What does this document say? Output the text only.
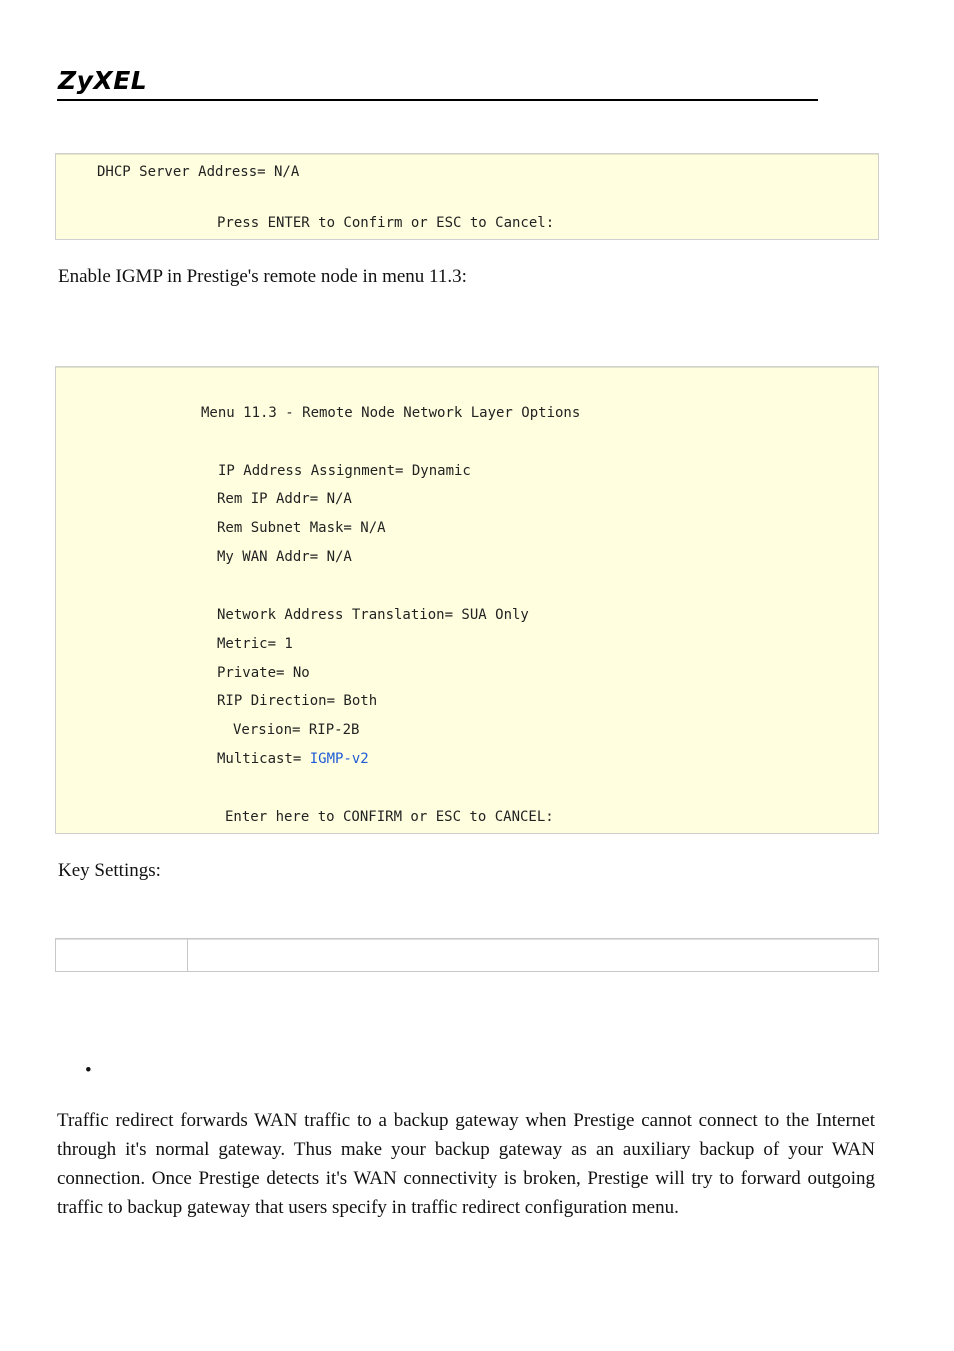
ZyXEL
DHCP Server Address= N/A
Press ENTER to Confirm or ESC to Cancel:
Enable IGMP in Prestige's remote node in menu 11.3:
Menu 11.3 - Remote Node Network Layer Options
IP Address Assignment= Dynamic
Rem IP Addr= N/A
Rem Subnet Mask= N/A
My WAN Addr= N/A
Network Address Translation= SUA Only
Metric= 1
Private= No
RIP Direction= Both
Version= RIP-2B
Multicast= IGMP-v2
Enter here to CONFIRM or ESC to CANCEL:
Key Settings:
•
Traffic redirect forwards WAN traffic to a backup gateway when Prestige cannot connect to the Internet through it's normal gateway. Thus make your backup gateway as an auxiliary backup of your WAN connection. Once Prestige detects it's WAN connectivity is broken, Prestige will try to forward outgoing traffic to backup gateway that users specify in traffic redirect configuration menu.
